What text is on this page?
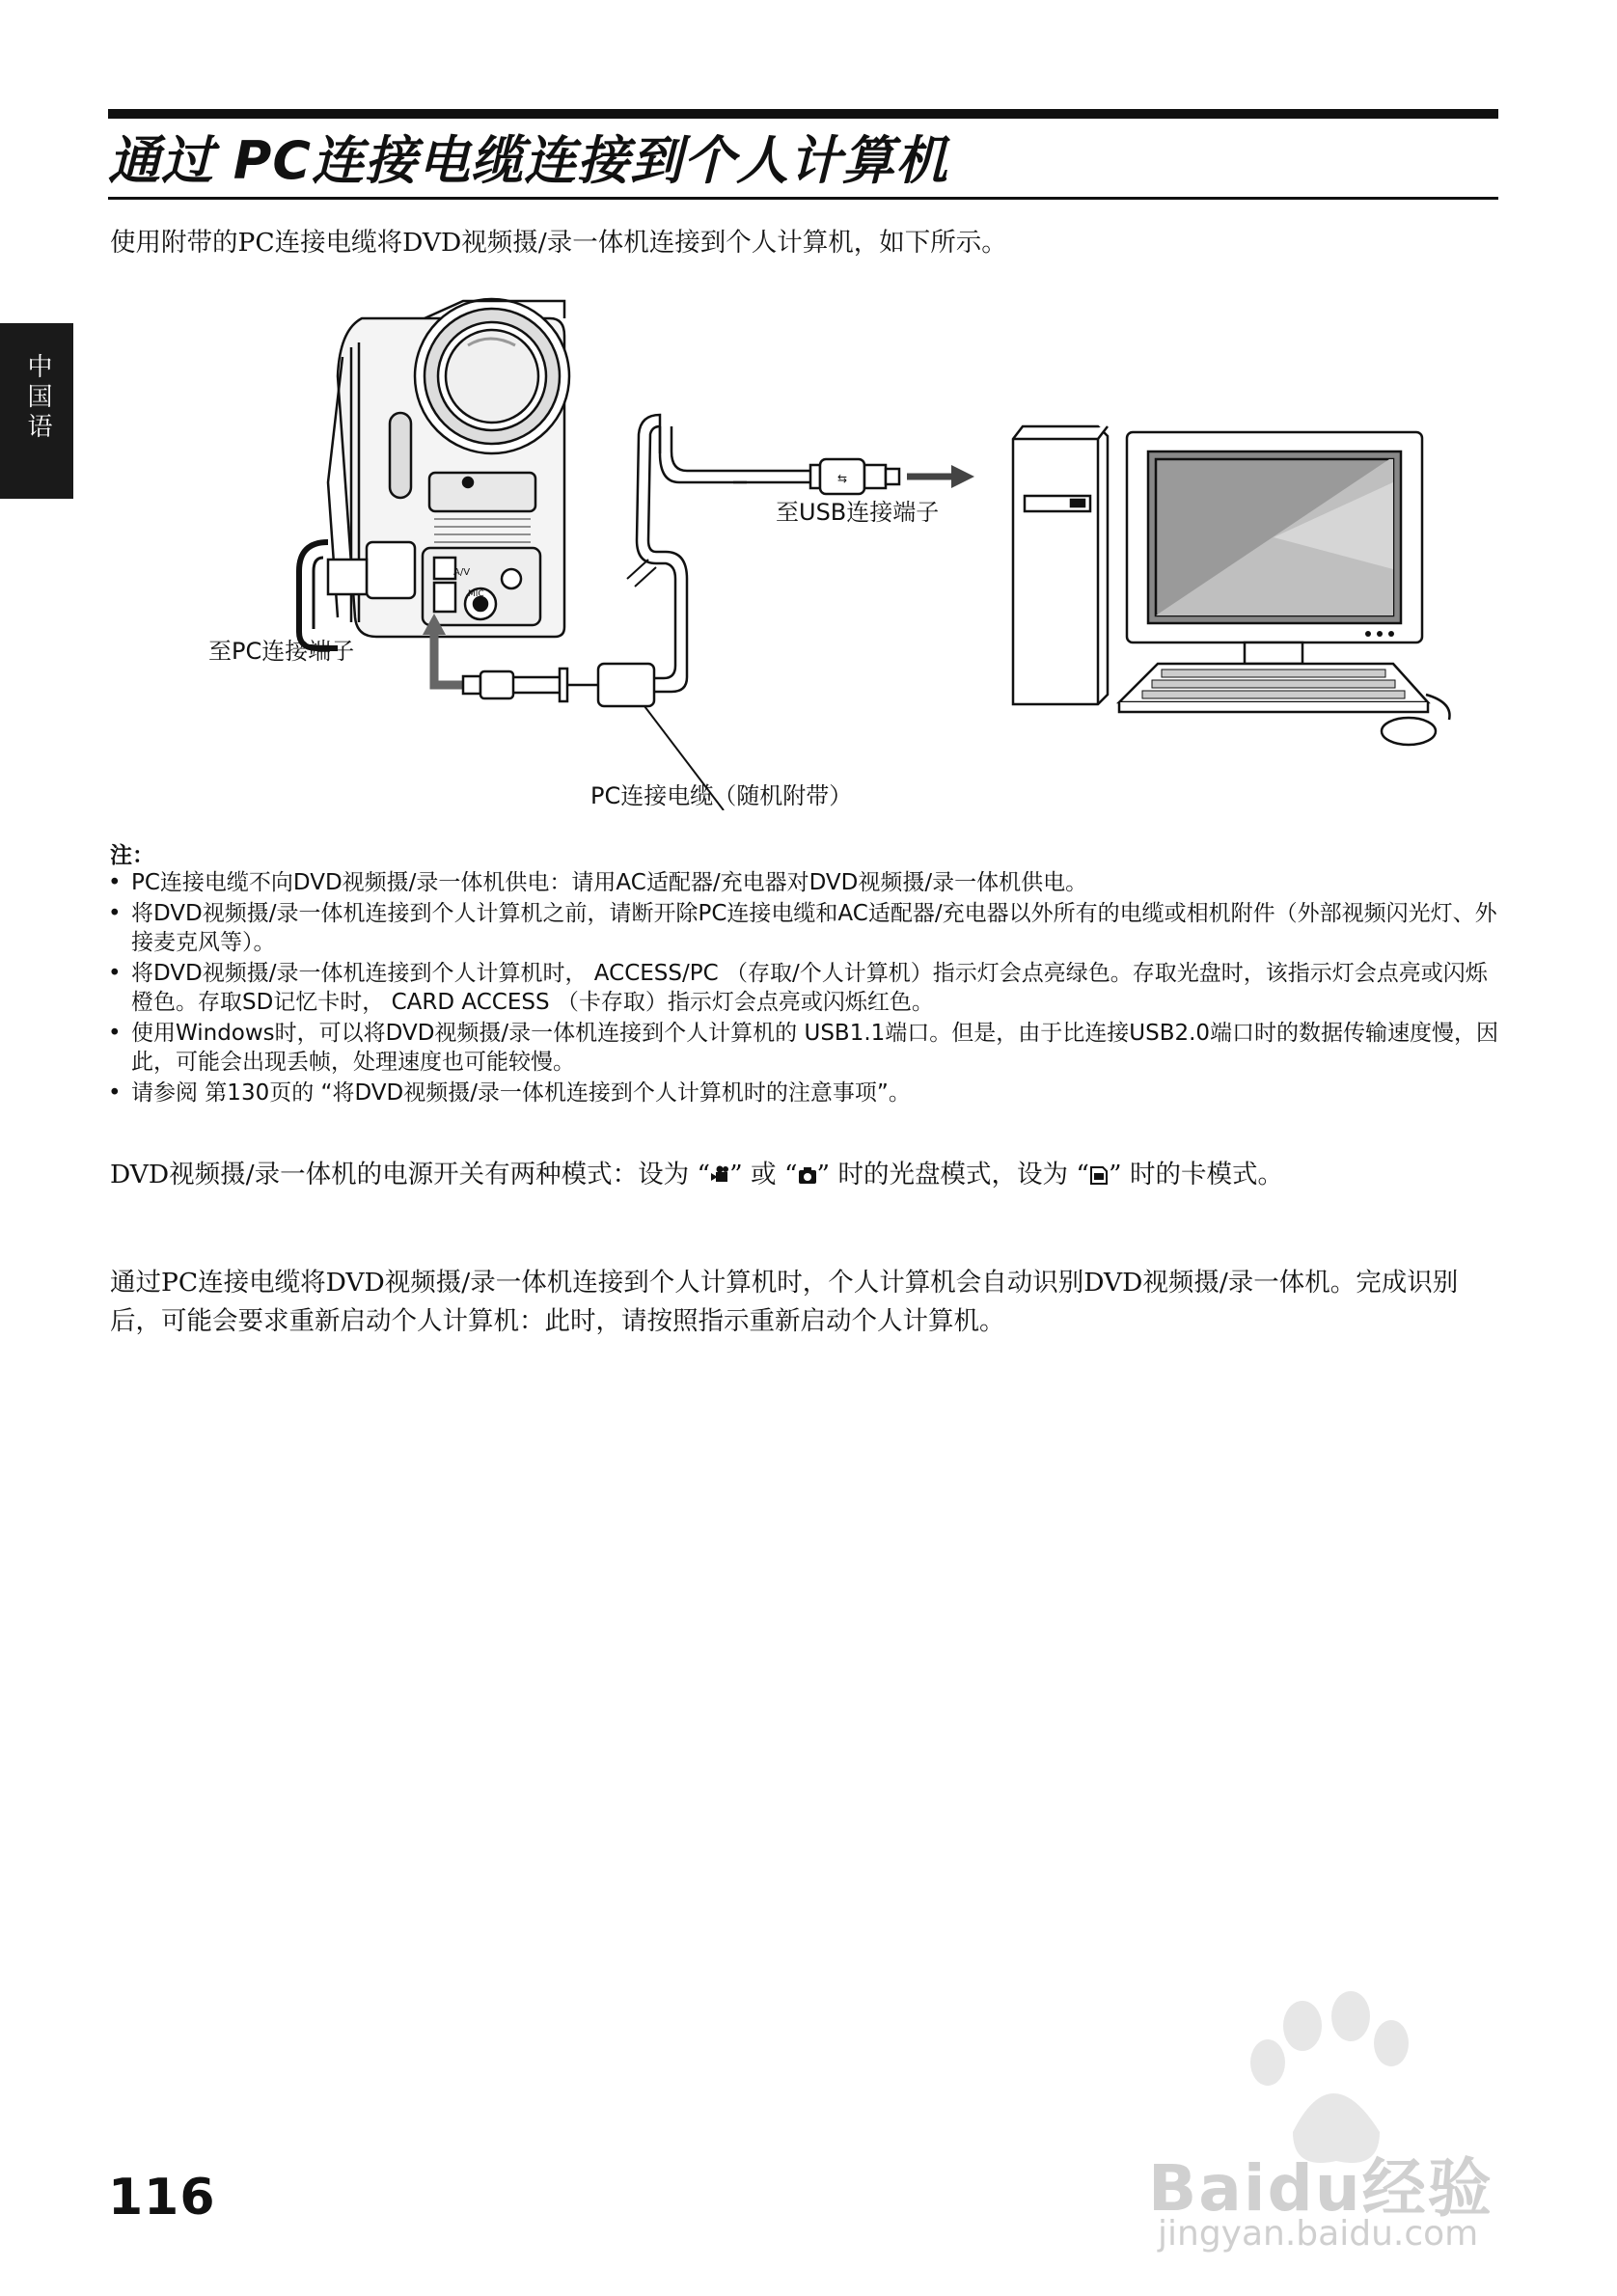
通过 PC连接电缆连接到个人计算机
使用附带的PC连接电缆将DVD视频摄/录一体机连接到个人计算机，如下所示。
中国语
A/V
MIC
⇆
至USB连接端子
至PC连接端子
PC连接电缆（随机附带）
注：
• PC连接电缆不向DVD视频摄/录一体机供电：请用AC适配器/充电器对DVD视频摄/录一体机供电。
• 将DVD视频摄/录一体机连接到个人计算机之前，请断开除PC连接电缆和AC适配器/充电器以外所有的电缆或相机附件（外部视频闪光灯、外接麦克风等）。
• 将DVD视频摄/录一体机连接到个人计算机时， ACCESS/PC （存取/个人计算机）指示灯会点亮绿色。存取光盘时，该指示灯会点亮或闪烁橙色。存取SD记忆卡时， CARD ACCESS （卡存取）指示灯会点亮或闪烁红色。
• 使用Windows时，可以将DVD视频摄/录一体机连接到个人计算机的 USB1.1端口。但是，由于比连接USB2.0端口时的数据传输速度慢，因此，可能会出现丢帧，处理速度也可能较慢。
• 请参阅 第130页的 “将DVD视频摄/录一体机连接到个人计算机时的注意事项”。
DVD视频摄/录一体机的电源开关有两种模式：设为 “ ” 或 “ ” 时的光盘模式，设为 “ ” 时的卡模式。
通过PC连接电缆将DVD视频摄/录一体机连接到个人计算机时，个人计算机会自动识别DVD视频摄/录一体机。完成识别后，可能会要求重新启动个人计算机：此时，请按照指示重新启动个人计算机。
116	Baidu经验
jingyan.baidu.com
